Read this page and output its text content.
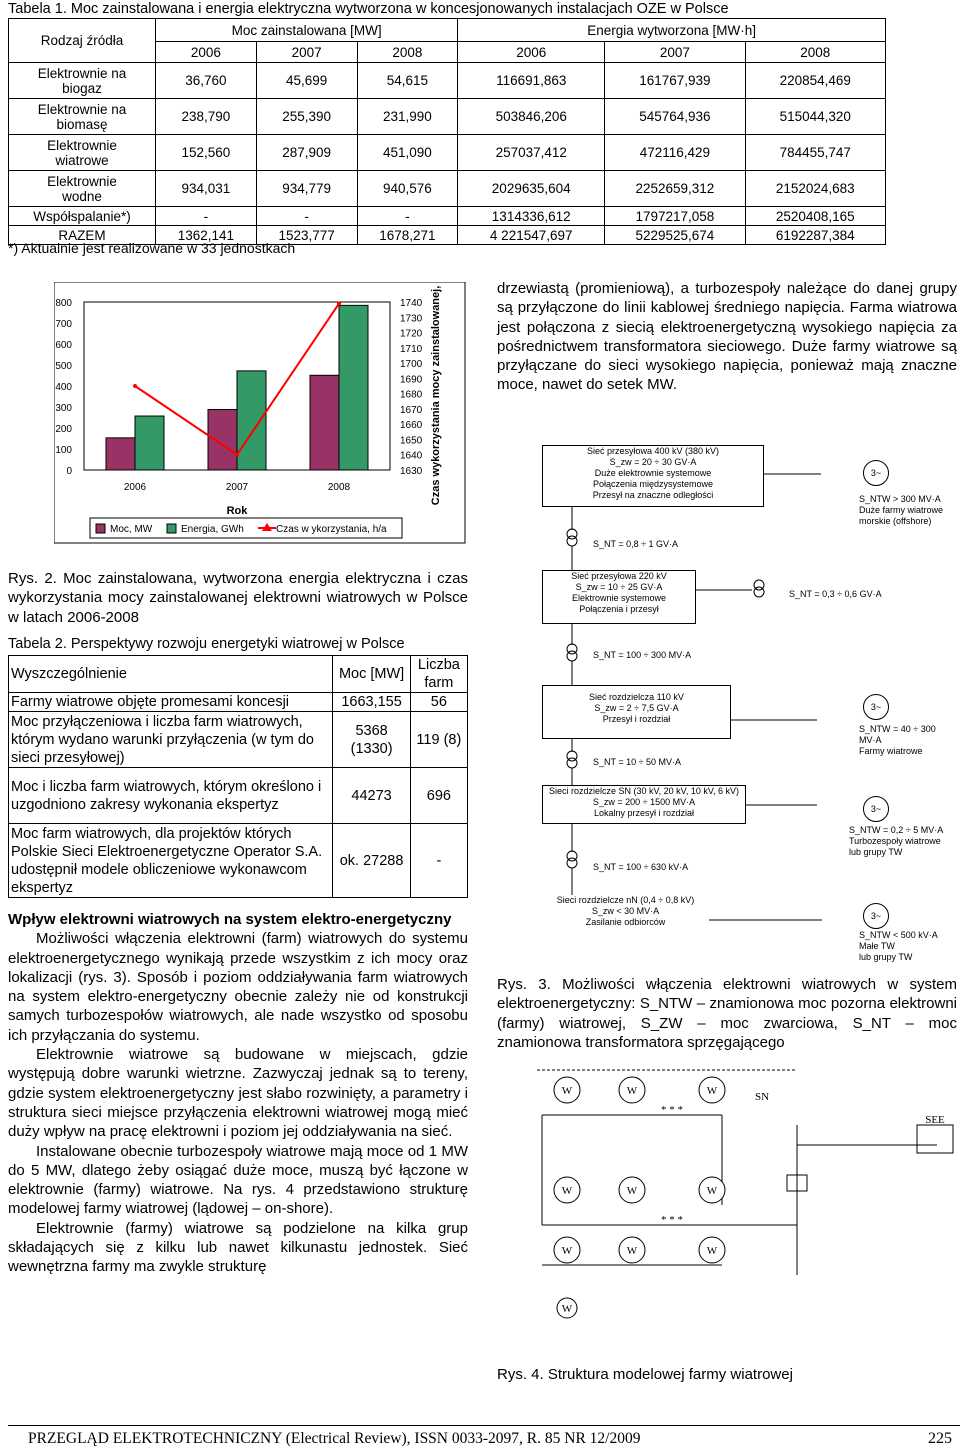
Tabela 1. Moc zainstalowana i energia elektryczna wytworzona w koncesjonowanych instalacjach OZE w Polsce
Rodzaj źródła	Moc zainstalowana [MW]			Energia wytworzona [MW·h]		
	2006	2007	2008	2006	2007	2008
Elektrownie na
biogaz	36,760	45,699	54,615	116691,863	161767,939	220854,469
Elektrownie na
biomasę	238,790	255,390	231,990	503846,206	545764,936	515044,320
Elektrownie
wiatrowe	152,560	287,909	451,090	257037,412	472116,429	784455,747
Elektrownie
wodne	934,031	934,779	940,576	2029635,604	2252659,312	2152024,683
Współspalanie*)	-	-	-	1314336,612	1797217,058	2520408,165
RAZEM	1362,141	1523,777	1678,271	4 221547,697	5229525,674	6192287,384
*) Aktualnie jest realizowane w 33 jednostkach
0
100
200
300
400
500
600
700
800
1630
1640
1650
1660
1670
1680
1690
1700
1710
1720
1730
1740
2006	2007	2008
Rok
Czas wykorzystania mocy zainstalowanej, h/a
Moc, MW	Energia, GWh	Czas w ykorzystania, h/a
Rys. 2. Moc zainstalowana, wytworzona energia elektryczna i czas wykorzystania mocy zainstalowanej elektrowni wiatrowych w Polsce w latach 2006-2008
Tabela 2. Perspektywy rozwoju energetyki wiatrowej w Polsce
Wyszczególnienie	Moc [MW]	Liczba farm
Farmy wiatrowe objęte promesami koncesji	1663,155	56
Moc przyłączeniowa i liczba farm wiatrowych, którym wydano warunki przyłączenia (w tym do sieci przesyłowej)	5368 (1330)	119 (8)
Moc i liczba farm wiatrowych, którym określono i uzgodniono zakresy wykonania ekspertyz	44273	696
Moc farm wiatrowych, dla projektów których Polskie Sieci Elektroenergetyczne Operator S.A. udostępnił modele obliczeniowe wykonawcom ekspertyz	ok. 27288	-

Wpływ elektrowni wiatrowych na system elektro-energetyczny

Możliwości włączenia elektrowni (farm) wiatrowych do systemu elektroenergetycznego wynikają przede wszystkim z ich mocy oraz lokalizacji (rys. 3). Sposób i poziom oddziaływania farm wiatrowych na system elektro-energetyczny obecnie zależy nie od konstrukcji samych turbozespołów wiatrowych, ale nade wszystko od sposobu ich przyłączania do systemu.

Elektrownie wiatrowe są budowane w miejscach, gdzie występują dobre warunki wietrzne. Zazwyczaj jednak są to tereny, gdzie system elektroenergetyczny jest słabo rozwinięty, a parametry i struktura sieci miejsce przyłączenia elektrowni wiatrowej mogą mieć duży wpływ na pracę elektrowni i poziom jej oddziaływania na sieć.

Instalowane obecnie turbozespoły wiatrowe mają moce od 1 MW do 5 MW, dlatego żeby osiągać duże moce, muszą być łączone w elektrownie (farmy) wiatrowe. Na rys. 4 przedstawiono strukturę modelowej farmy wiatrowej (lądowej – on-shore).

Elektrownie (farmy) wiatrowe są podzielone na kilka grup składających się z kilku lub nawet kilkunastu jednostek. Sieć wewnętrzna farmy ma zwykle strukturę

drzewiastą (promieniową), a turbozespoły należące do danej grupy są przyłączone do linii kablowej średniego napięcia. Farma wiatrowa jest połączona z siecią elektroenergetyczną wysokiego napięcia za pośrednictwem transformatora sieciowego. Duże farmy wiatrowe są przyłączane do sieci wysokiego napięcia, ponieważ mają znaczne moce, nawet do setek MW.
Sieć przesyłowa 400 kV (380 kV)
S_zw = 20 ÷ 30 GV·A
Duże elektrownie systemowe
Połączenia międzysystemowe
Przesył na znaczne odległości
Sieć przesyłowa 220 kV
S_zw = 10 ÷ 25 GV·A
Elektrownie systemowe
Połączenia i przesył
Sieć rozdzielcza 110 kV
S_zw = 2 ÷ 7,5 GV·A
Przesył i rozdział
Sieci rozdzielcze SN (30 kV, 20 kV, 10 kV, 6 kV)
S_zw = 200 ÷ 1500 MV·A
Lokalny przesył i rozdział
Sieci rozdzielcze nN (0,4 ÷ 0,8 kV)
S_zw < 30 MV·A
Zasilanie odbiorców
S_NT = 0,8 ÷ 1 GV·A
S_NT = 100 ÷ 300 MV·A
S_NT = 10 ÷ 50 MV·A
S_NT = 100 ÷ 630 kV·A
S_NT = 0,3 ÷ 0,6 GV·A
3~
3~
3~
3~
S_NTW > 300 MV·A
Duże farmy wiatrowe
morskie (offshore)
S_NTW = 40 ÷ 300 MV·A
Farmy wiatrowe
S_NTW = 0,2 ÷ 5 MV·A
Turbozespoły wiatrowe
lub grupy TW
S_NTW < 500 kV·A
Małe TW
lub grupy TW
Rys. 3. Możliwości włączenia elektrowni wiatrowych w system elektroenergetyczny: S_NTW – znamionowa moc pozorna elektrowni (farmy) wiatrowej, S_ZW – moc zwarciowa, S_NT – moc znamionowa transformatora sprzęgającego
W	W	W
W	W	W
W	W	W
W
* * *
* * *
SN
SEE
Rys. 4. Struktura modelowej farmy wiatrowej
PRZEGLĄD ELEKTROTECHNICZNY (Electrical Review), ISSN 0033-2097, R. 85 NR 12/2009	225
